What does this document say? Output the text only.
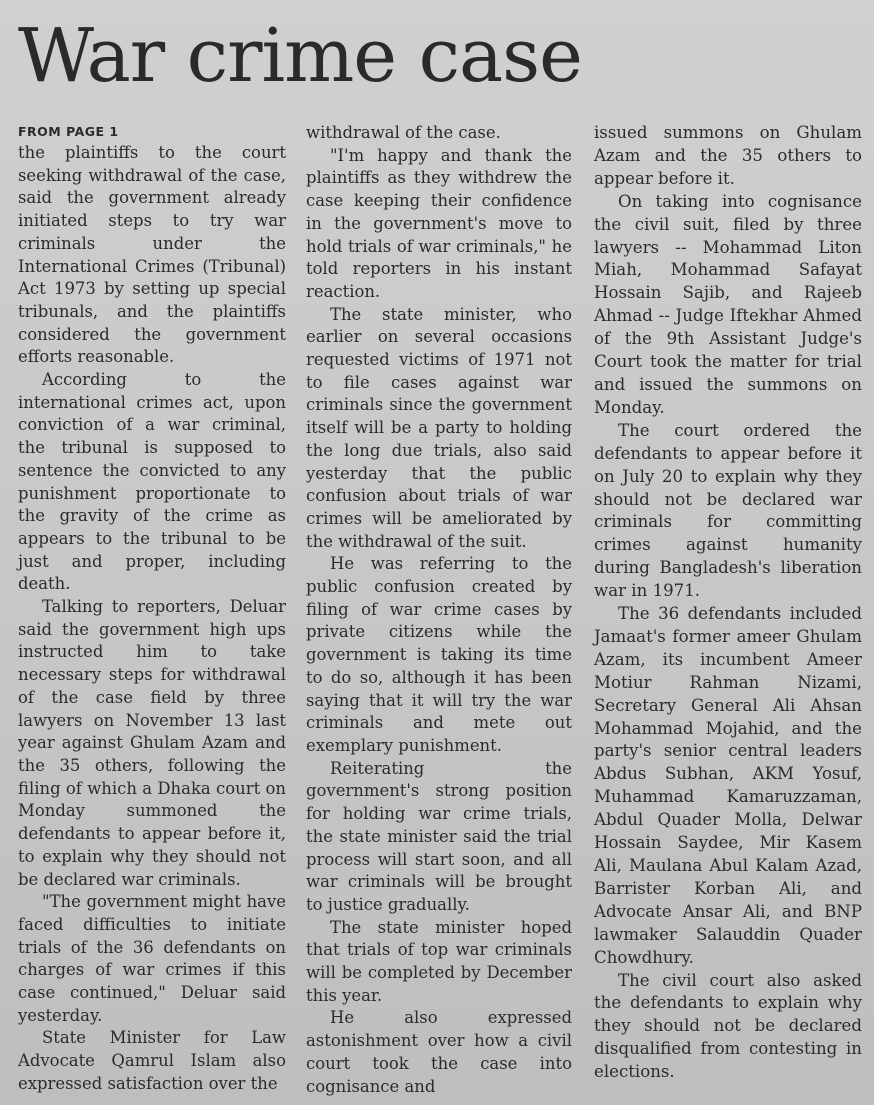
War crime case
FROM PAGE 1

the plaintiffs to the court seeking withdrawal of the case, said the government already initiated steps to try war criminals under the International Crimes (Tribunal) Act 1973 by setting up special tribunals, and the plaintiffs considered the government efforts reasonable.

According to the international crimes act, upon conviction of a war criminal, the tribunal is supposed to sentence the convicted to any punishment proportionate to the gravity of the crime as appears to the tribunal to be just and proper, including death.

Talking to reporters, Deluar said the government high ups instructed him to take necessary steps for withdrawal of the case field by three lawyers on November 13 last year against Ghulam Azam and the 35 others, following the filing of which a Dhaka court on Monday summoned the defendants to appear before it, to explain why they should not be declared war criminals.

"The government might have faced difficulties to initiate trials of the 36 defendants on charges of war crimes if this case continued," Deluar said yesterday.

State Minister for Law Advocate Qamrul Islam also expressed satisfaction over the

withdrawal of the case.

"I'm happy and thank the plaintiffs as they withdrew the case keeping their confidence in the government's move to hold trials of war criminals," he told reporters in his instant reaction.

The state minister, who earlier on several occasions requested victims of 1971 not to file cases against war criminals since the government itself will be a party to holding the long due trials, also said yesterday that the public confusion about trials of war crimes will be ameliorated by the withdrawal of the suit.

He was referring to the public confusion created by filing of war crime cases by private citizens while the government is taking its time to do so, although it has been saying that it will try the war criminals and mete out exemplary punishment.

Reiterating the government's strong position for holding war crime trials, the state minister said the trial process will start soon, and all war criminals will be brought to justice gradually.

The state minister hoped that trials of top war criminals will be completed by December this year.

He also expressed astonishment over how a civil court took the case into cognisance and

issued summons on Ghulam Azam and the 35 others to appear before it.

On taking into cognisance the civil suit, filed by three lawyers -- Mohammad Liton Miah, Mohammad Safayat Hossain Sajib, and Rajeeb Ahmad -- Judge Iftekhar Ahmed of the 9th Assistant Judge's Court took the matter for trial and issued the summons on Monday.

The court ordered the defendants to appear before it on July 20 to explain why they should not be declared war criminals for committing crimes against humanity during Bangladesh's liberation war in 1971.

The 36 defendants included Jamaat's former ameer Ghulam Azam, its incumbent Ameer Motiur Rahman Nizami, Secretary General Ali Ahsan Mohammad Mojahid, and the party's senior central leaders Abdus Subhan, AKM Yosuf, Muhammad Kamaruzzaman, Abdul Quader Molla, Delwar Hossain Saydee, Mir Kasem Ali, Maulana Abul Kalam Azad, Barrister Korban Ali, and Advocate Ansar Ali, and BNP lawmaker Salauddin Quader Chowdhury.

The civil court also asked the defendants to explain why they should not be declared disqualified from contesting in elections.
